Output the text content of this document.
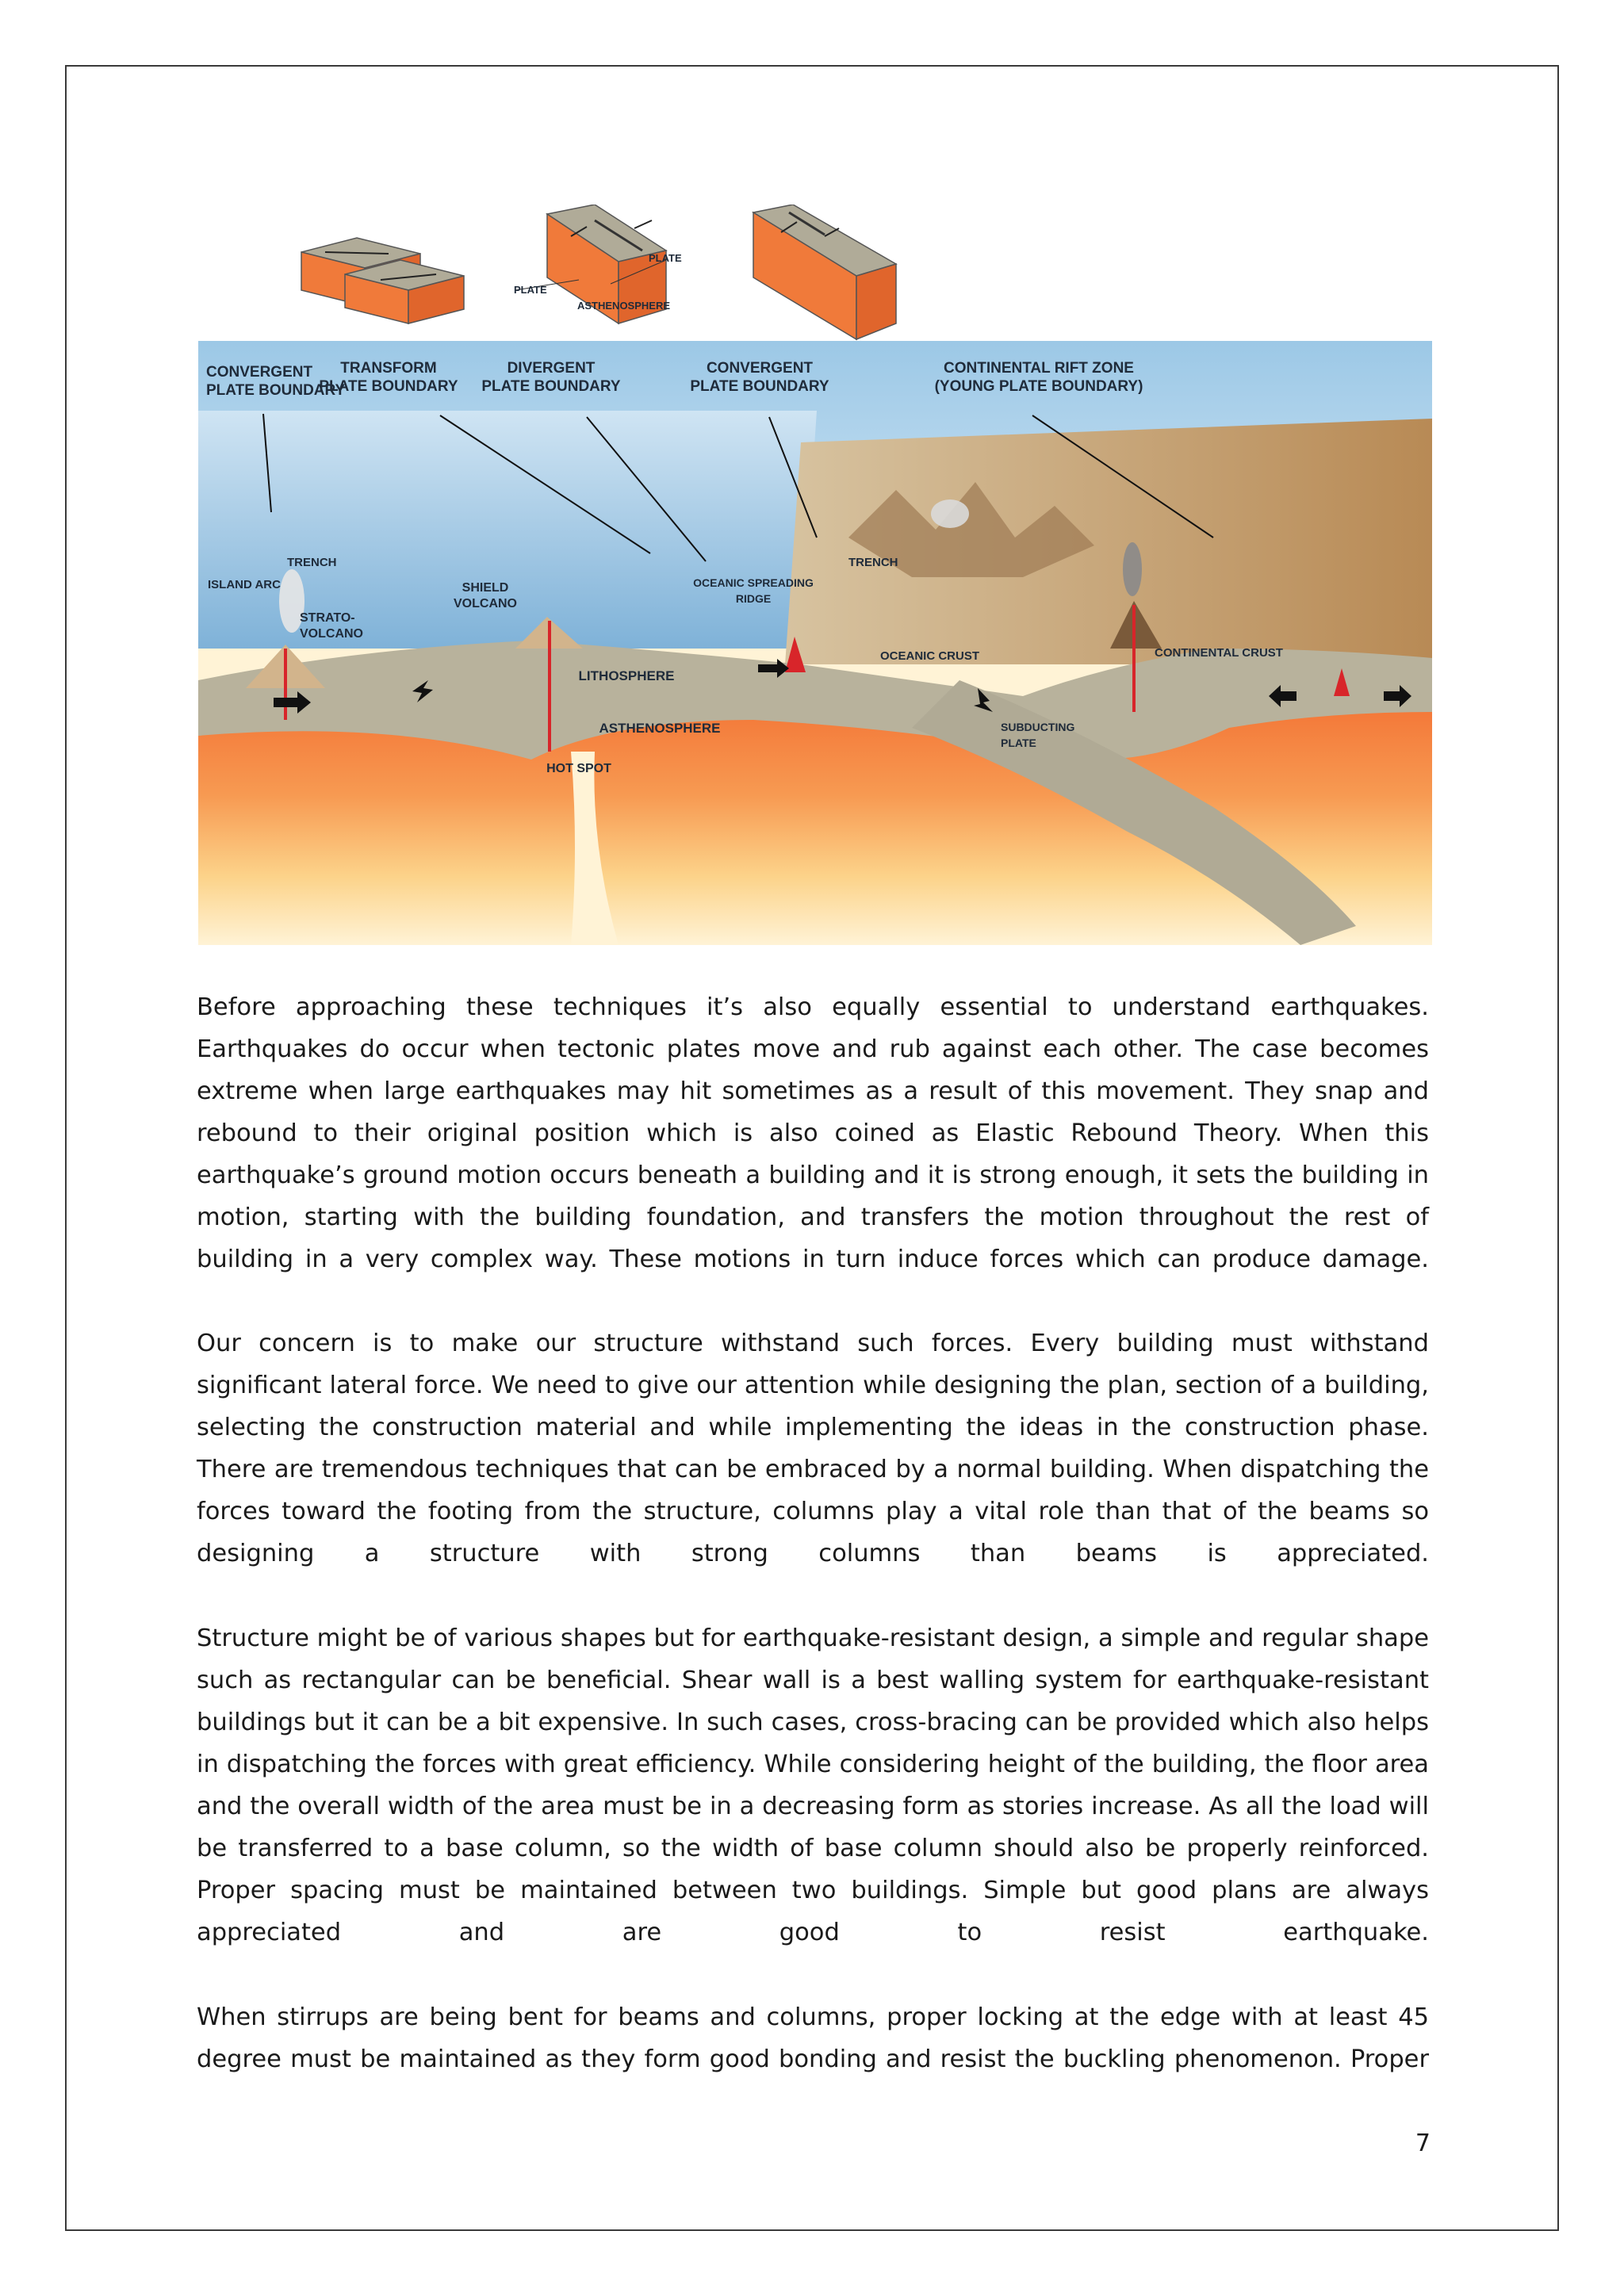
PLATE
PLATE
ASTHENOSPHERE
CONVERGENT
PLATE BOUNDARY
TRANSFORM
PLATE BOUNDARY
DIVERGENT
PLATE BOUNDARY
CONVERGENT
PLATE BOUNDARY
CONTINENTAL RIFT ZONE
(YOUNG PLATE BOUNDARY)
TRENCH
ISLAND ARC
STRATO-
VOLCANO
SHIELD
VOLCANO
OCEANIC SPREADING
RIDGE
TRENCH
OCEANIC CRUST	CONTINENTAL CRUST
LITHOSPHERE
ASTHENOSPHERE
HOT SPOT
SUBDUCTING
PLATE

Before approaching these techniques it’s also equally essential to understand earthquakes. Earthquakes do occur when tectonic plates move and rub against each other. The case becomes extreme when large earthquakes may hit sometimes as a result of this movement. They snap and rebound to their original position which is also coined as Elastic Rebound Theory. When this earthquake’s ground motion occurs beneath a building and it is strong enough, it sets the building in motion, starting with the building foundation, and transfers the motion throughout the rest of building in a very complex way. These motions in turn induce forces which can produce damage.

Our concern is to make our structure withstand such forces. Every building must withstand significant lateral force. We need to give our attention while designing the plan, section of a building, selecting the construction material and while implementing the ideas in the construction phase. There are tremendous techniques that can be embraced by a normal building. When dispatching the forces toward the footing from the structure, columns play a vital role than that of the beams so designing a structure with strong columns than beams is appreciated.

Structure might be of various shapes but for earthquake-resistant design, a simple and regular shape such as rectangular can be beneficial. Shear wall is a best walling system for earthquake-resistant buildings but it can be a bit expensive. In such cases, cross-bracing can be provided which also helps in dispatching the forces with great efficiency. While considering height of the building, the floor area and the overall width of the area must be in a decreasing form as stories increase. As all the load will be transferred to a base column, so the width of base column should also be properly reinforced. Proper spacing must be maintained between two buildings. Simple but good plans are always appreciated and are good to resist earthquake.

When stirrups are being bent for beams and columns, proper locking at the edge with at least 45 degree must be maintained as they form good bonding and resist the buckling phenomenon. Proper

7
